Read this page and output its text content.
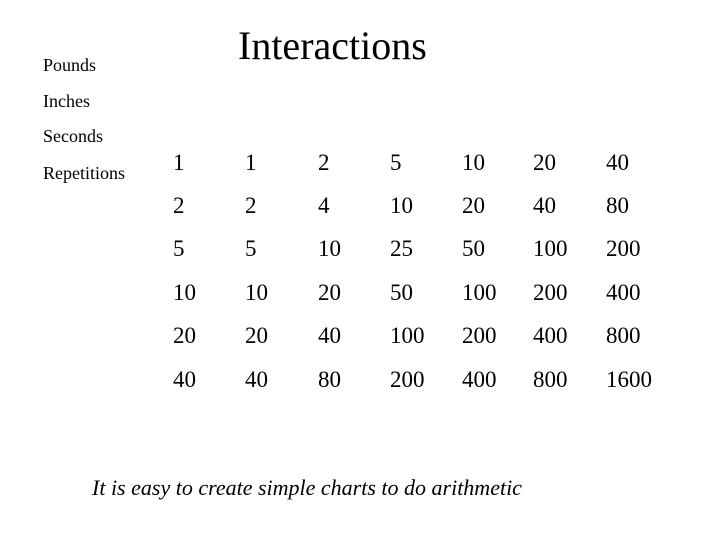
Interactions
Pounds
Inches
Seconds
Repetitions 1	1	2	5	10 20 40
2	2	4	10 20 40 80
5	5	10 25 50 100 200
10 10 20 50 100 200 400
20 20 40 100 200 400 800
40 40 80 200 400 800 1600
It is easy to create simple charts to do arithmetic
